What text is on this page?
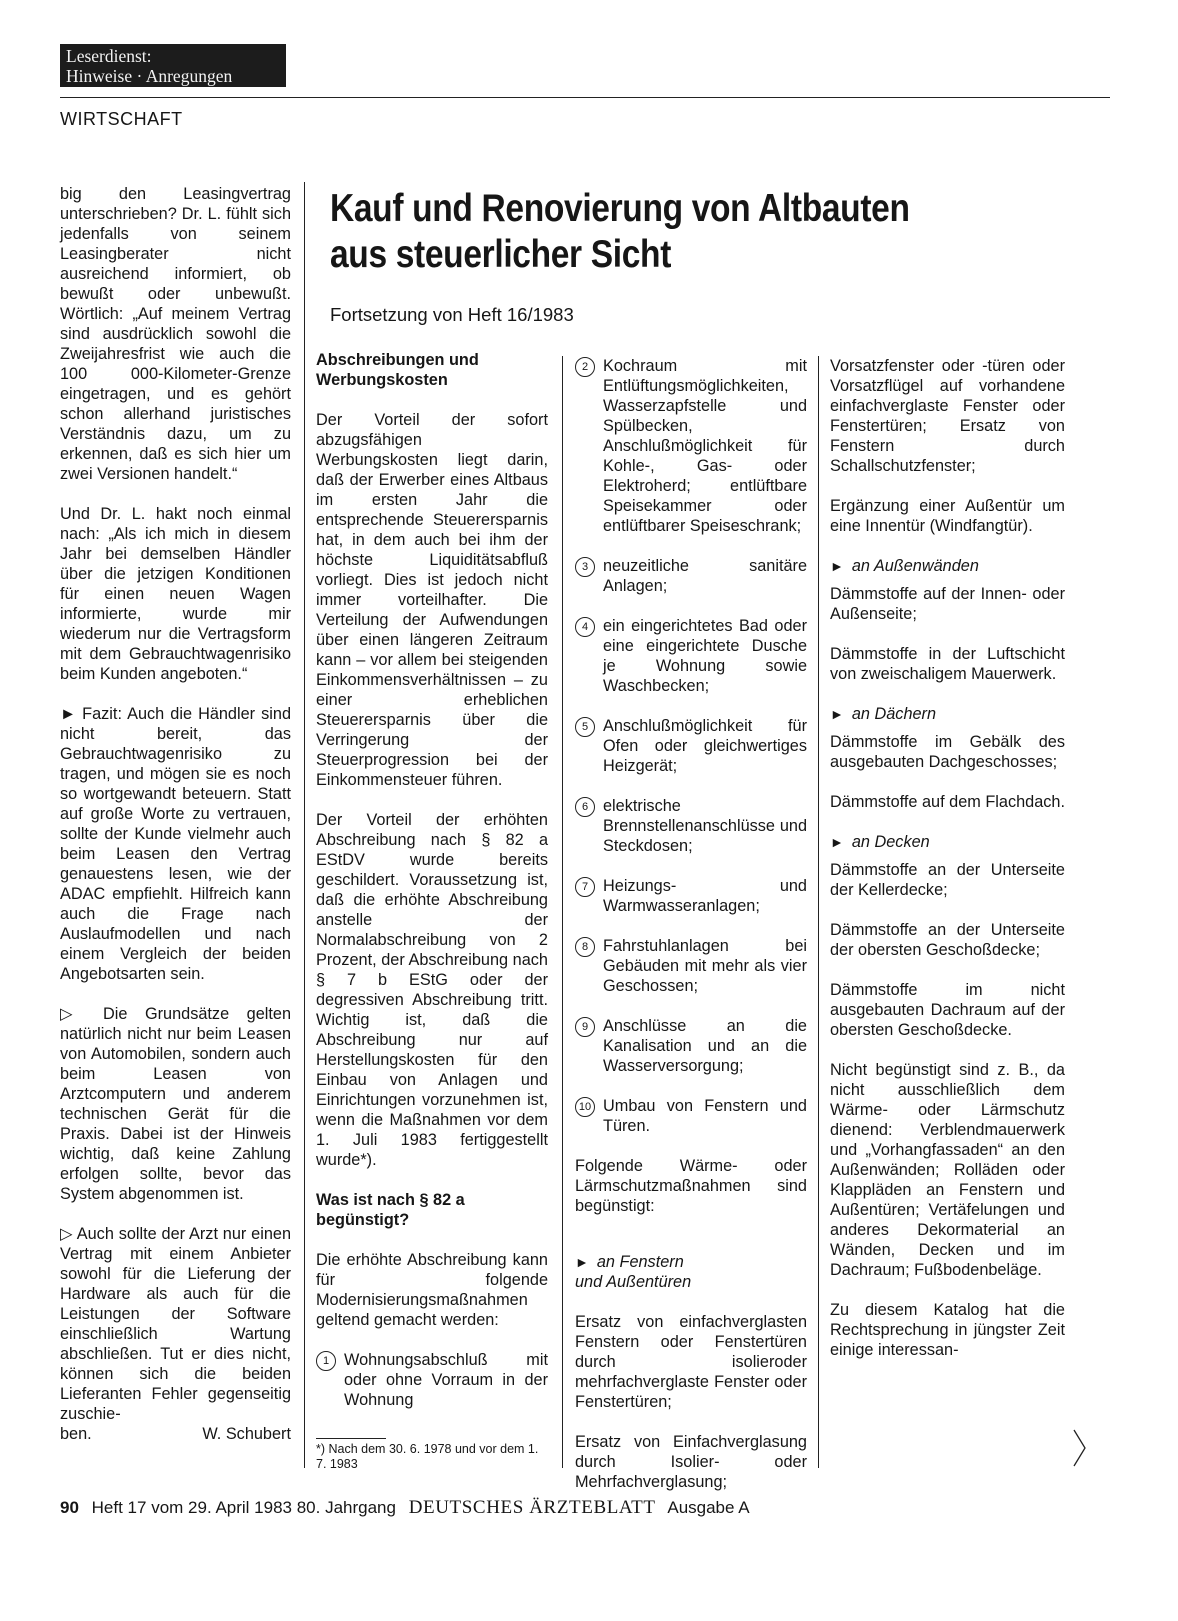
Leserdienst:
Hinweise · Anregungen
WIRTSCHAFT
Kauf und Renovierung von Altbauten
aus steuerlicher Sicht
Fortsetzung von Heft 16/1983

big den Leasingvertrag unterschrieben? Dr. L. fühlt sich jedenfalls von seinem Leasingberater nicht ausreichend informiert, ob bewußt oder unbewußt. Wörtlich: „Auf meinem Vertrag sind ausdrücklich sowohl die Zweijahresfrist wie auch die 100 000-Kilometer-Grenze eingetragen, und es gehört schon allerhand juristisches Verständnis dazu, um zu erkennen, daß es sich hier um zwei Versionen handelt.“

Und Dr. L. hakt noch einmal nach: „Als ich mich in diesem Jahr bei demselben Händler über die jetzigen Konditionen für einen neuen Wagen informierte, wurde mir wiederum nur die Vertragsform mit dem Gebrauchtwagenrisiko beim Kunden angeboten.“

► Fazit: Auch die Händler sind nicht bereit, das Gebrauchtwagenrisiko zu tragen, und mögen sie es noch so wortgewandt beteuern. Statt auf große Worte zu vertrauen, sollte der Kunde vielmehr auch beim Leasen den Vertrag genauestens lesen, wie der ADAC empfiehlt. Hilfreich kann auch die Frage nach Auslaufmodellen und nach einem Vergleich der beiden Angebotsarten sein.

▷ Die Grundsätze gelten natürlich nicht nur beim Leasen von Automobilen, sondern auch beim Leasen von Arztcomputern und anderem technischen Gerät für die Praxis. Dabei ist der Hinweis wichtig, daß keine Zahlung erfolgen sollte, bevor das System abgenommen ist.

▷ Auch sollte der Arzt nur einen Vertrag mit einem Anbieter sowohl für die Lieferung der Hardware als auch für die Leistungen der Software einschließlich Wartung abschließen. Tut er dies nicht, können sich die beiden Lieferanten Fehler gegenseitig zuschie-

ben.	W. Schubert
Abschreibungen und Werbungskosten

Der Vorteil der sofort abzugsfähigen Werbungskosten liegt darin, daß der Erwerber eines Altbaus im ersten Jahr die entsprechende Steuerersparnis hat, in dem auch bei ihm der höchste Liquiditätsabfluß vorliegt. Dies ist jedoch nicht immer vorteilhafter. Die Verteilung der Aufwendungen über einen längeren Zeitraum kann – vor allem bei steigenden Einkommensverhältnissen – zu einer erheblichen Steuerersparnis über die Verringerung der Steuerprogression bei der Einkommensteuer führen.

Der Vorteil der erhöhten Abschreibung nach § 82 a EStDV wurde bereits geschildert. Voraussetzung ist, daß die erhöhte Abschreibung anstelle der Normalabschreibung von 2 Prozent, der Abschreibung nach § 7 b EStG oder der degressiven Abschreibung tritt. Wichtig ist, daß die Abschreibung nur auf Herstellungskosten für den Einbau von Anlagen und Einrichtungen vorzunehmen ist, wenn die Maßnahmen vor dem 1. Juli 1983 fertiggestellt wurde*).

Was ist nach § 82 a begünstigt?

Die erhöhte Abschreibung kann für folgende Modernisierungsmaßnahmen geltend gemacht werden:

1 Wohnungsabschluß mit oder ohne Vorraum in der Wohnung
*) Nach dem 30. 6. 1978 und vor dem 1. 7. 1983
2 Kochraum mit Entlüftungsmöglichkeiten, Wasserzapfstelle und Spülbecken, Anschlußmöglichkeit für Kohle-, Gas- oder Elektroherd; entlüftbare Speisekammer oder entlüftbarer Speiseschrank;
3 neuzeitliche sanitäre Anlagen;
4 ein eingerichtetes Bad oder eine eingerichtete Dusche je Wohnung sowie Waschbecken;
5 Anschlußmöglichkeit für Ofen oder gleichwertiges Heizgerät;
6 elektrische Brennstellenanschlüsse und Steckdosen;
7 Heizungs- und Warmwasseranlagen;
8 Fahrstuhlanlagen bei Gebäuden mit mehr als vier Geschossen;
9 Anschlüsse an die Kanalisation und an die Wasserversorgung;
10 Umbau von Fenstern und Türen.

Folgende Wärme- oder Lärmschutzmaßnahmen sind begünstigt:

► an Fenstern
und Außentüren

Ersatz von einfachverglasten Fenstern oder Fenstertüren durch isolieroder mehrfachverglaste Fenster oder Fenstertüren;

Ersatz von Einfachverglasung durch Isolier- oder Mehrfachverglasung;

Vorsatzfenster oder -türen oder Vorsatzflügel auf vorhandene einfachverglaste Fenster oder Fenstertüren; Ersatz von Fenstern durch Schallschutzfenster;

Ergänzung einer Außentür um eine Innentür (Windfangtür).

► an Außenwänden

Dämmstoffe auf der Innen- oder Außenseite;

Dämmstoffe in der Luftschicht von zweischaligem Mauerwerk.

► an Dächern

Dämmstoffe im Gebälk des ausgebauten Dachgeschosses;

Dämmstoffe auf dem Flachdach.

► an Decken

Dämmstoffe an der Unterseite der Kellerdecke;

Dämmstoffe an der Unterseite der obersten Geschoßdecke;

Dämmstoffe im nicht ausgebauten Dachraum auf der obersten Geschoßdecke.

Nicht begünstigt sind z. B., da nicht ausschließlich dem Wärme- oder Lärmschutz dienend: Verblendmauerwerk und „Vorhangfassaden“ an den Außenwänden; Rolläden oder Klappläden an Fenstern und Außentüren; Vertäfelungen und anderes Dekormaterial an Wänden, Decken und im Dachraum; Fußbodenbeläge.

Zu diesem Katalog hat die Rechtsprechung in jüngster Zeit einige interessan-

90 Heft 17 vom 29. April 1983 80. Jahrgang DEUTSCHES ÄRZTEBLATT Ausgabe A
